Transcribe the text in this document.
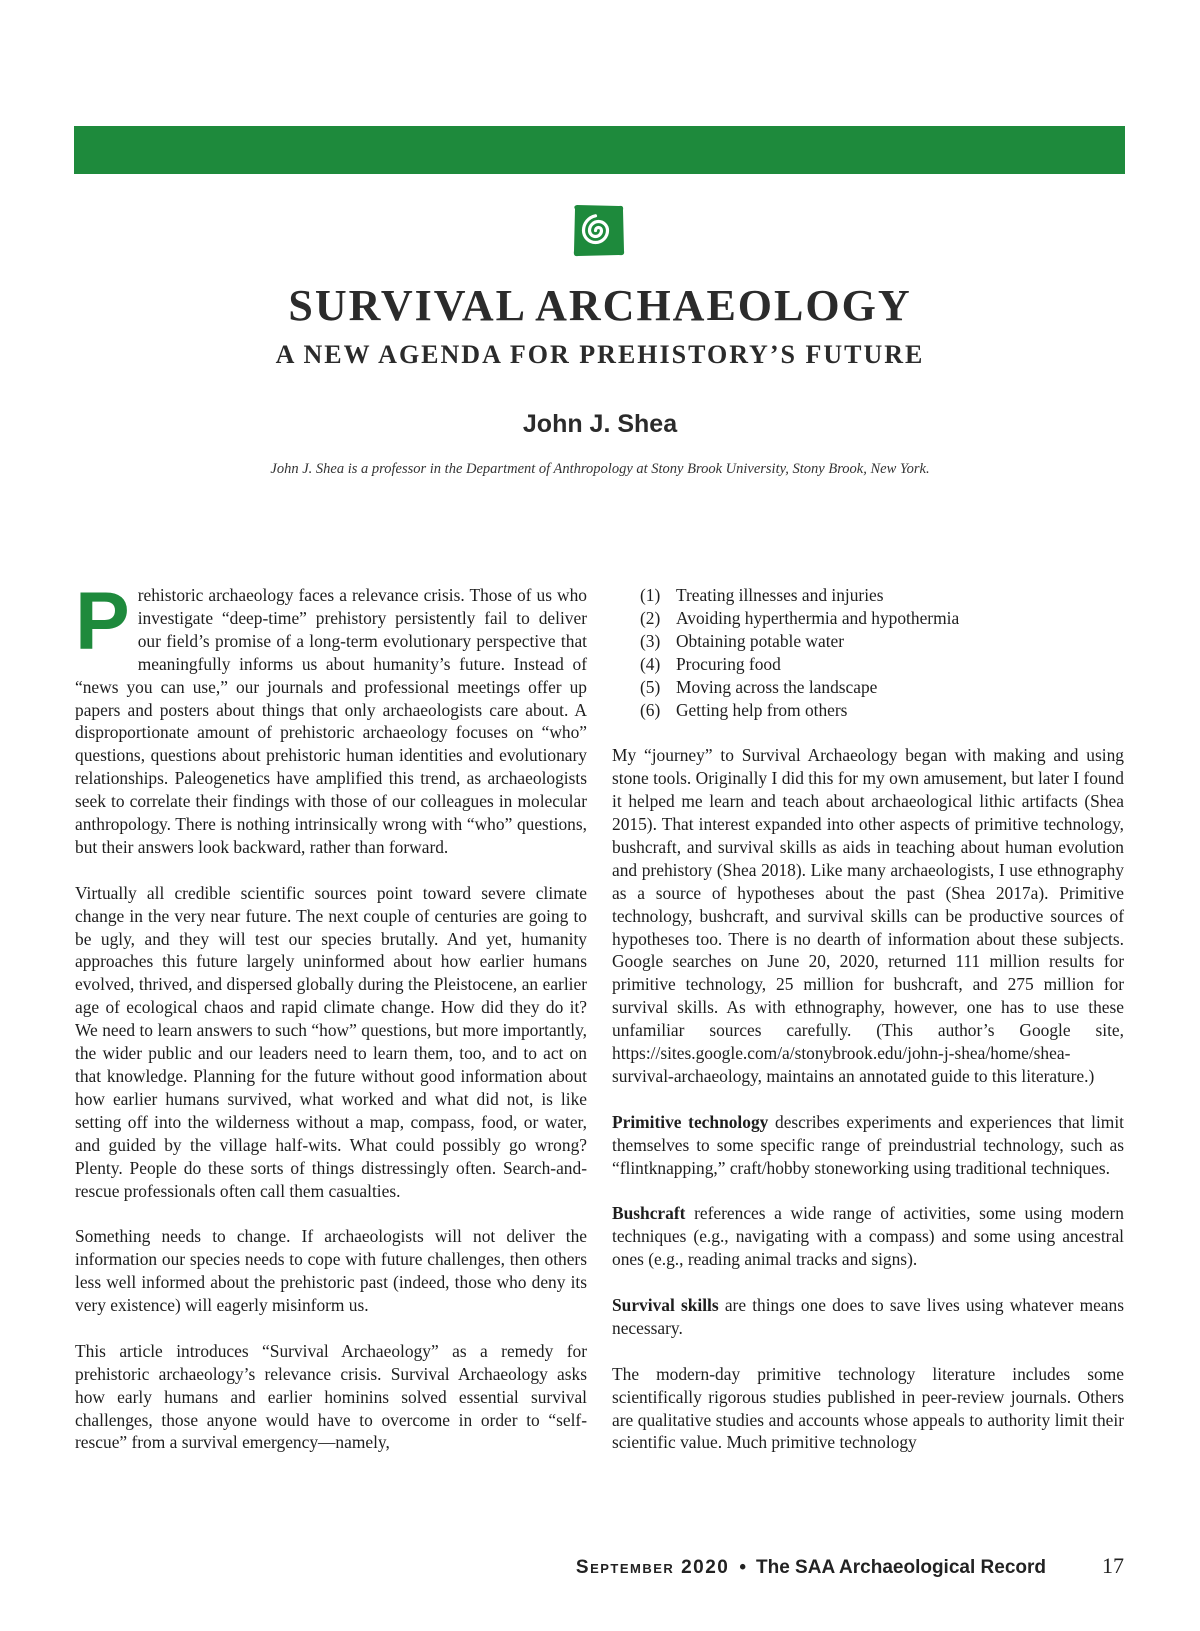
SURVIVAL ARCHAEOLOGY
A NEW AGENDA FOR PREHISTORY’S FUTURE
John J. Shea
John J. Shea is a professor in the Department of Anthropology at Stony Brook University, Stony Brook, New York.

Prehistoric archaeology faces a relevance crisis. Those of us who investigate “deep-time” prehistory persistently fail to deliver our field’s promise of a long-term evolutionary perspective that meaningfully informs us about humanity’s future. Instead of “news you can use,” our journals and professional meetings offer up papers and posters about things that only archaeologists care about. A disproportionate amount of prehistoric archaeology focuses on “who” questions, questions about prehistoric human identities and evolutionary relationships. Paleogenetics have amplified this trend, as archaeologists seek to correlate their findings with those of our colleagues in molecular anthropology. There is nothing intrinsically wrong with “who” questions, but their answers look backward, rather than forward.

Virtually all credible scientific sources point toward severe climate change in the very near future. The next couple of centuries are going to be ugly, and they will test our species brutally. And yet, humanity approaches this future largely uninformed about how earlier humans evolved, thrived, and dispersed globally during the Pleistocene, an earlier age of ecological chaos and rapid climate change. How did they do it? We need to learn answers to such “how” questions, but more importantly, the wider public and our leaders need to learn them, too, and to act on that knowledge. Planning for the future without good information about how earlier humans survived, what worked and what did not, is like setting off into the wilderness without a map, compass, food, or water, and guided by the village half-wits. What could possibly go wrong? Plenty. People do these sorts of things distressingly often. Search-and-rescue professionals often call them casualties.

Something needs to change. If archaeologists will not deliver the information our species needs to cope with future challenges, then others less well informed about the prehistoric past (indeed, those who deny its very existence) will eagerly misinform us.

This article introduces “Survival Archaeology” as a remedy for prehistoric archaeology’s relevance crisis. Survival Archaeology asks how early humans and earlier hominins solved essential survival challenges, those anyone would have to overcome in order to “self-rescue” from a survival emergency—namely,

(1) Treating illnesses and injuries
(2) Avoiding hyperthermia and hypothermia
(3) Obtaining potable water
(4) Procuring food
(5) Moving across the landscape
(6) Getting help from others

My “journey” to Survival Archaeology began with making and using stone tools. Originally I did this for my own amusement, but later I found it helped me learn and teach about archaeological lithic artifacts (Shea 2015). That interest expanded into other aspects of primitive technology, bushcraft, and survival skills as aids in teaching about human evolution and prehistory (Shea 2018). Like many archaeologists, I use ethnography as a source of hypotheses about the past (Shea 2017a). Primitive technology, bushcraft, and survival skills can be productive sources of hypotheses too. There is no dearth of information about these subjects. Google searches on June 20, 2020, returned 111 million results for primitive technology, 25 million for bushcraft, and 275 million for survival skills. As with ethnography, however, one has to use these unfamiliar sources carefully. (This author’s Google site, https://sites.google.com/a/stonybrook.edu/john-j-shea/home/shea-survival-archaeology, maintains an annotated guide to this literature.)

Primitive technology describes experiments and experiences that limit themselves to some specific range of preindustrial technology, such as “flintknapping,” craft/hobby stoneworking using traditional techniques.

Bushcraft references a wide range of activities, some using modern techniques (e.g., navigating with a compass) and some using ancestral ones (e.g., reading animal tracks and signs).

Survival skills are things one does to save lives using whatever means necessary.

The modern-day primitive technology literature includes some scientifically rigorous studies published in peer-review journals. Others are qualitative studies and accounts whose appeals to authority limit their scientific value. Much primitive technology

September 2020 • The SAA Archaeological Record	17
